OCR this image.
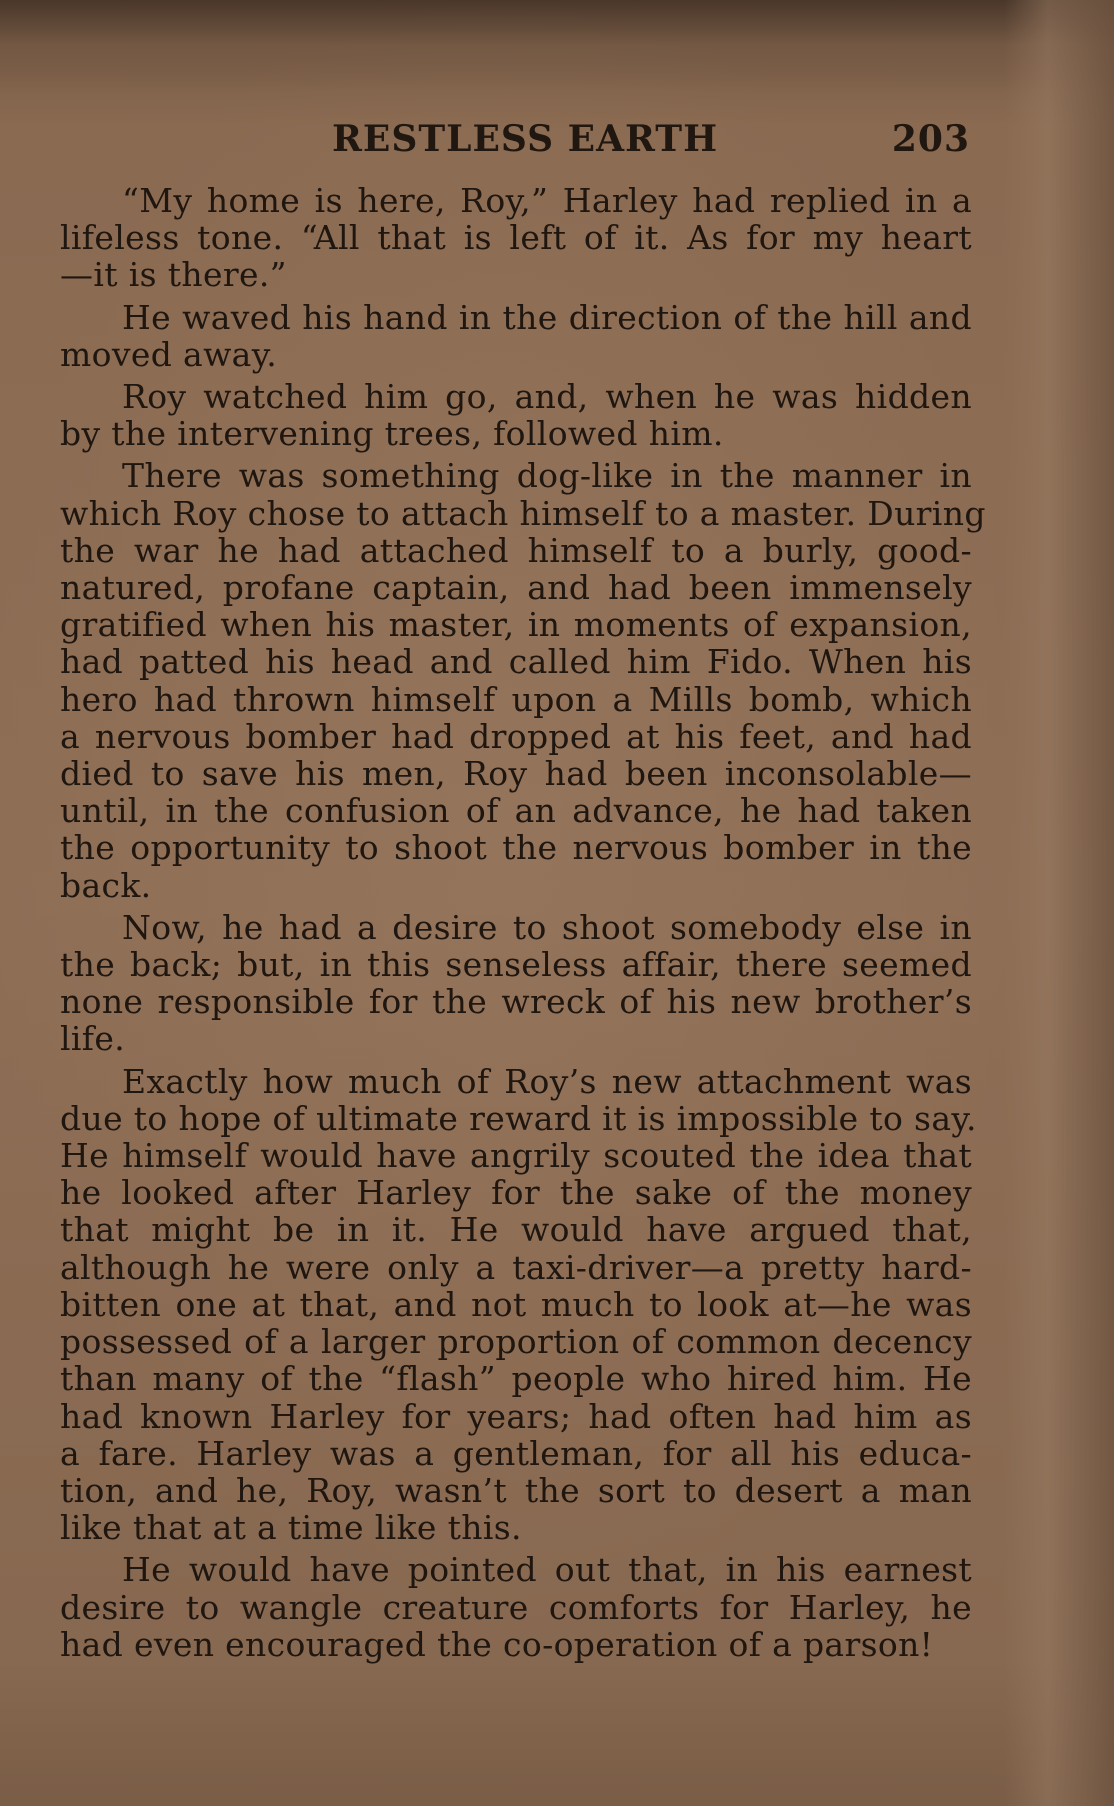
RESTLESS EARTH	203
“My home is here, Roy,” Harley had replied in a
lifeless tone. “All that is left of it. As for my heart
—it is there.”
He waved his hand in the direction of the hill and
moved away.
Roy watched him go, and, when he was hidden
by the intervening trees, followed him.
There was something dog-like in the manner in
which Roy chose to attach himself to a master. During
the war he had attached himself to a burly, good-
natured, profane captain, and had been immensely
gratified when his master, in moments of expansion,
had patted his head and called him Fido. When his
hero had thrown himself upon a Mills bomb, which
a nervous bomber had dropped at his feet, and had
died to save his men, Roy had been inconsolable—
until, in the confusion of an advance, he had taken
the opportunity to shoot the nervous bomber in the
back.
Now, he had a desire to shoot somebody else in
the back; but, in this senseless affair, there seemed
none responsible for the wreck of his new brother’s
life.
Exactly how much of Roy’s new attachment was
due to hope of ultimate reward it is impossible to say.
He himself would have angrily scouted the idea that
he looked after Harley for the sake of the money
that might be in it. He would have argued that,
although he were only a taxi-driver—a pretty hard-
bitten one at that, and not much to look at—he was
possessed of a larger proportion of common decency
than many of the “flash” people who hired him. He
had known Harley for years; had often had him as
a fare. Harley was a gentleman, for all his educa-
tion, and he, Roy, wasn’t the sort to desert a man
like that at a time like this.
He would have pointed out that, in his earnest
desire to wangle creature comforts for Harley, he
had even encouraged the co-operation of a parson!
